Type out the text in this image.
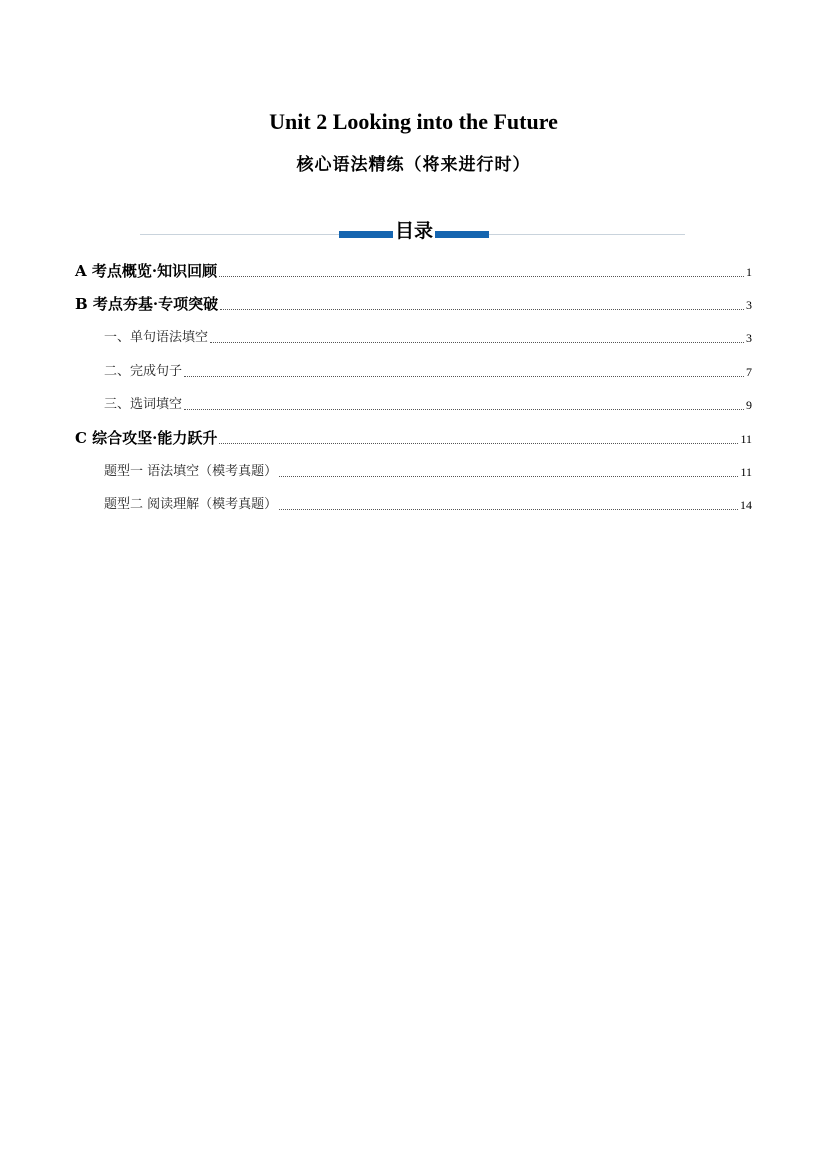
Unit 2 Looking into the Future
核心语法精练（将来进行时）
目录
A 考点概览·知识回顾	1
B 考点夯基·专项突破	3
一、单句语法填空	3
二、完成句子	7
三、选词填空	9
C 综合攻坚·能力跃升	11
题型一 语法填空（模考真题）	11
题型二 阅读理解（模考真题）	14
